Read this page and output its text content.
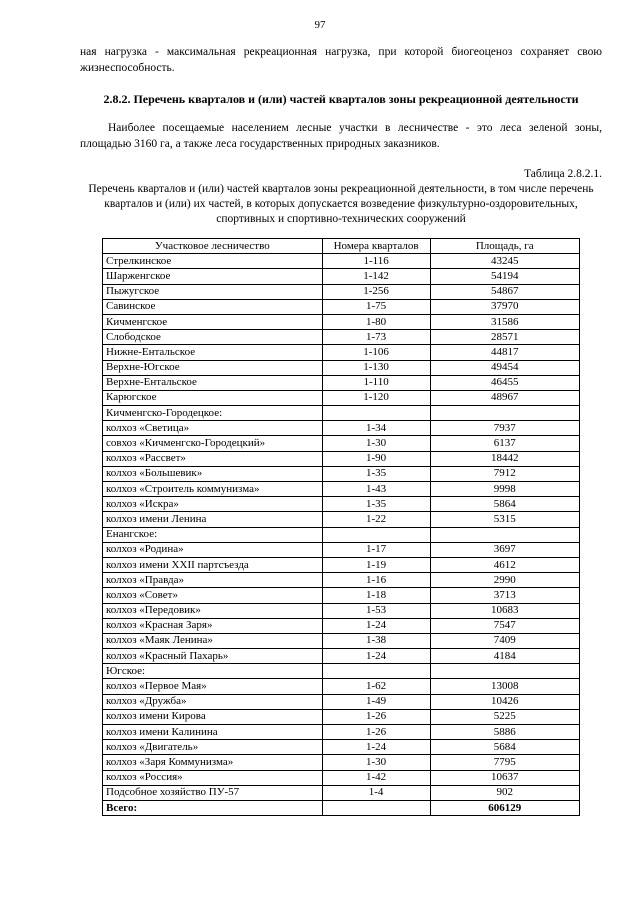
97
ная нагрузка - максимальная рекреационная нагрузка, при которой биогеоценоз сохраняет свою жизнеспособность.
2.8.2. Перечень кварталов и (или) частей кварталов зоны рекреационной деятельности
Наиболее посещаемые населением лесные участки в лесничестве - это леса зеленой зоны, площадью 3160 га, а также леса государственных природных заказников.
Таблица 2.8.2.1.
Перечень кварталов и (или) частей кварталов зоны рекреационной деятельности, в том числе перечень кварталов и (или) их частей, в которых допускается возведение физкультурно-оздоровительных, спортивных и спортивно-технических сооружений
Участковое лесничество	Номера кварталов	Площадь, га
Стрелкинское	1-116	43245
Шарженгское	1-142	54194
Пыжугское	1-256	54867
Савинское	1-75	37970
Кичменгское	1-80	31586
Слободское	1-73	28571
Нижне-Ентальское	1-106	44817
Верхне-Югское	1-130	49454
Верхне-Ентальское	1-110	46455
Карюгское	1-120	48967
Кичменгско-Городецкое:		
колхоз «Светица»	1-34	7937
совхоз «Кичменгско-Городецкий»	1-30	6137
колхоз «Рассвет»	1-90	18442
колхоз «Большевик»	1-35	7912
колхоз «Строитель коммунизма»	1-43	9998
колхоз «Искра»	1-35	5864
колхоз имени Ленина	1-22	5315
Енангское:		
колхоз «Родина»	1-17	3697
колхоз имени XXII партсъезда	1-19	4612
колхоз «Правда»	1-16	2990
колхоз «Совет»	1-18	3713
колхоз «Передовик»	1-53	10683
колхоз «Красная Заря»	1-24	7547
колхоз «Маяк Ленина»	1-38	7409
колхоз «Красный Пахарь»	1-24	4184
Югское:		
колхоз «Первое Мая»	1-62	13008
колхоз «Дружба»	1-49	10426
колхоз имени Кирова	1-26	5225
колхоз имени Калинина	1-26	5886
колхоз «Двигатель»	1-24	5684
колхоз «Заря Коммунизма»	1-30	7795
колхоз «Россия»	1-42	10637
Подсобное хозяйство ПУ-57	1-4	902
Всего:		606129
